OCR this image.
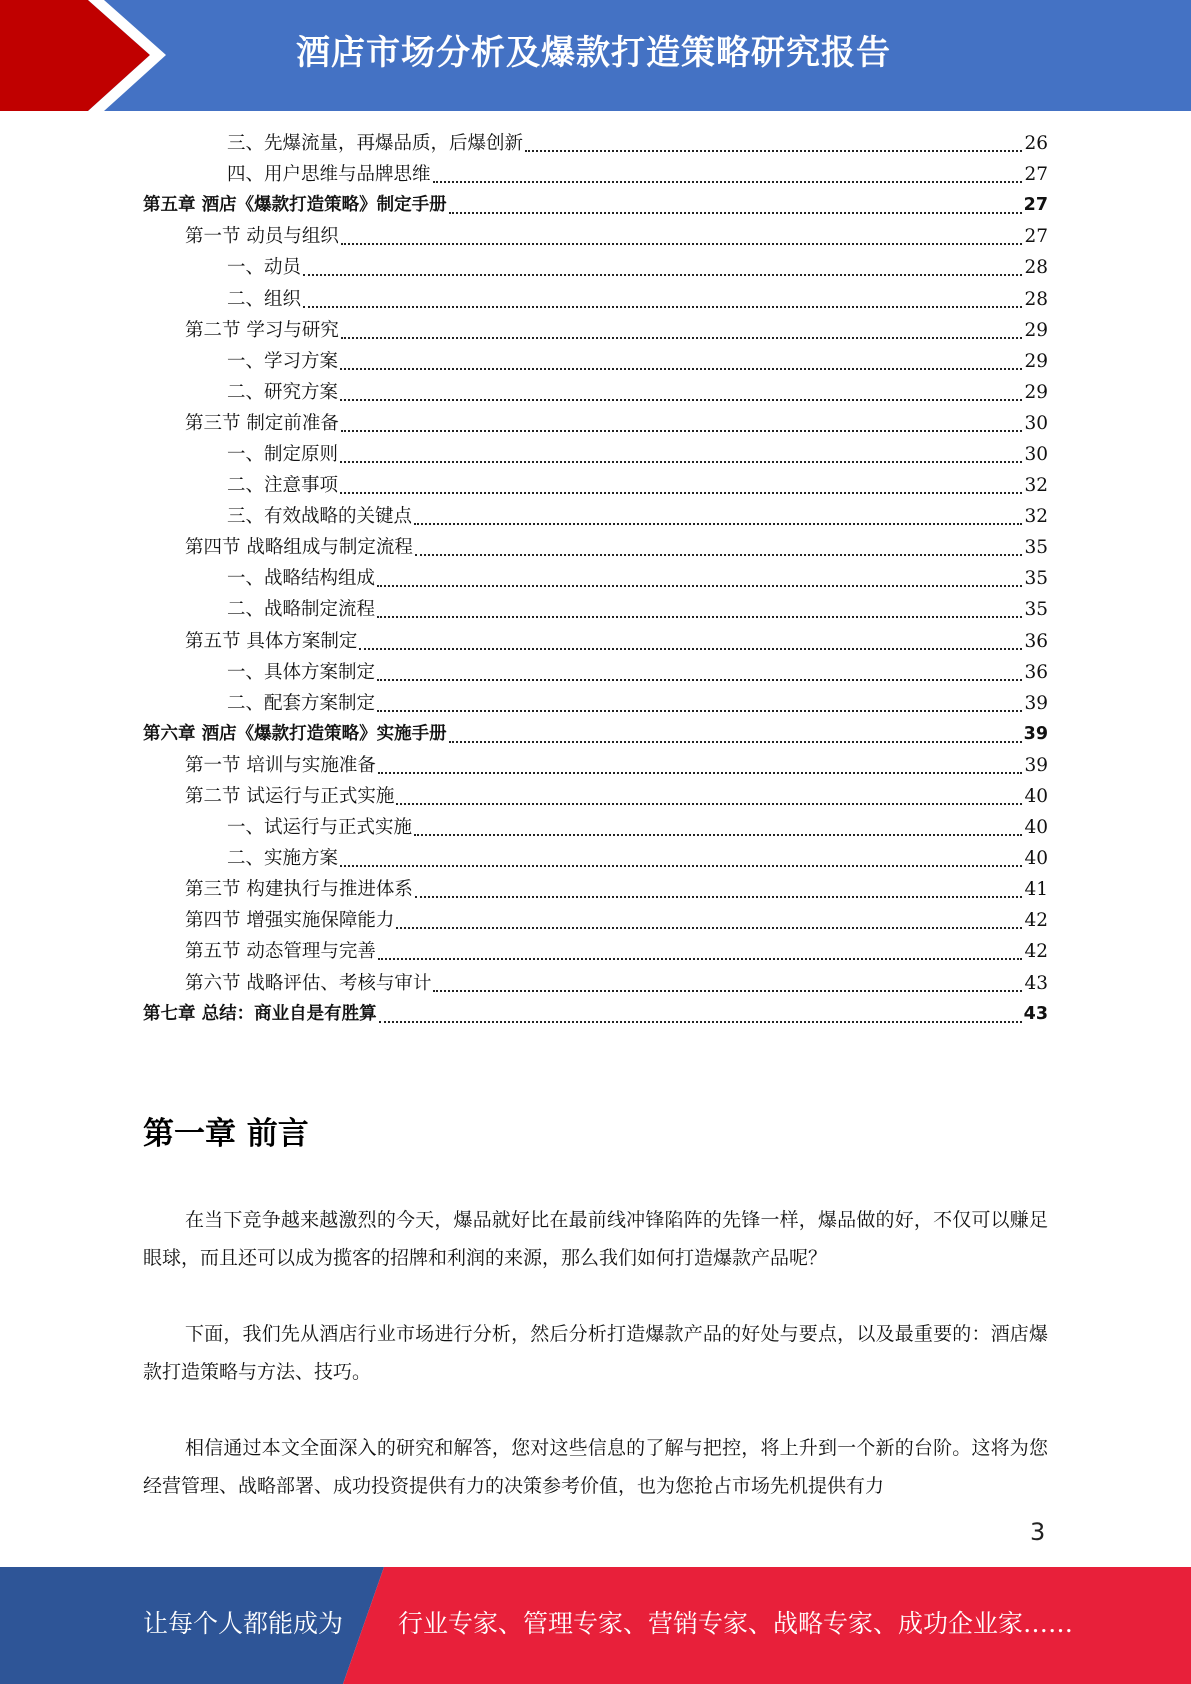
酒店市场分析及爆款打造策略研究报告
三、先爆流量，再爆品质，后爆创新	26
四、用户思维与品牌思维	27
第五章 酒店《爆款打造策略》制定手册	27
第一节 动员与组织	27
一、动员	28
二、组织	28
第二节 学习与研究	29
一、学习方案	29
二、研究方案	29
第三节 制定前准备	30
一、制定原则	30
二、注意事项	32
三、有效战略的关键点	32
第四节 战略组成与制定流程	35
一、战略结构组成	35
二、战略制定流程	35
第五节 具体方案制定	36
一、具体方案制定	36
二、配套方案制定	39
第六章 酒店《爆款打造策略》实施手册	39
第一节 培训与实施准备	39
第二节 试运行与正式实施	40
一、试运行与正式实施	40
二、实施方案	40
第三节 构建执行与推进体系	41
第四节 增强实施保障能力	42
第五节 动态管理与完善	42
第六节 战略评估、考核与审计	43
第七章 总结：商业自是有胜算	43
第一章 前言
在当下竞争越来越激烈的今天，爆品就好比在最前线冲锋陷阵的先锋一样，爆品做的好，不仅可以赚足眼球，而且还可以成为揽客的招牌和利润的来源，那么我们如何打造爆款产品呢？
下面，我们先从酒店行业市场进行分析，然后分析打造爆款产品的好处与要点，以及最重要的：酒店爆款打造策略与方法、技巧。
相信通过本文全面深入的研究和解答，您对这些信息的了解与把控，将上升到一个新的台阶。这将为您经营管理、战略部署、成功投资提供有力的决策参考价值，也为您抢占市场先机提供有力
3
让每个人都能成为 行业专家、管理专家、营销专家、战略专家、成功企业家……
